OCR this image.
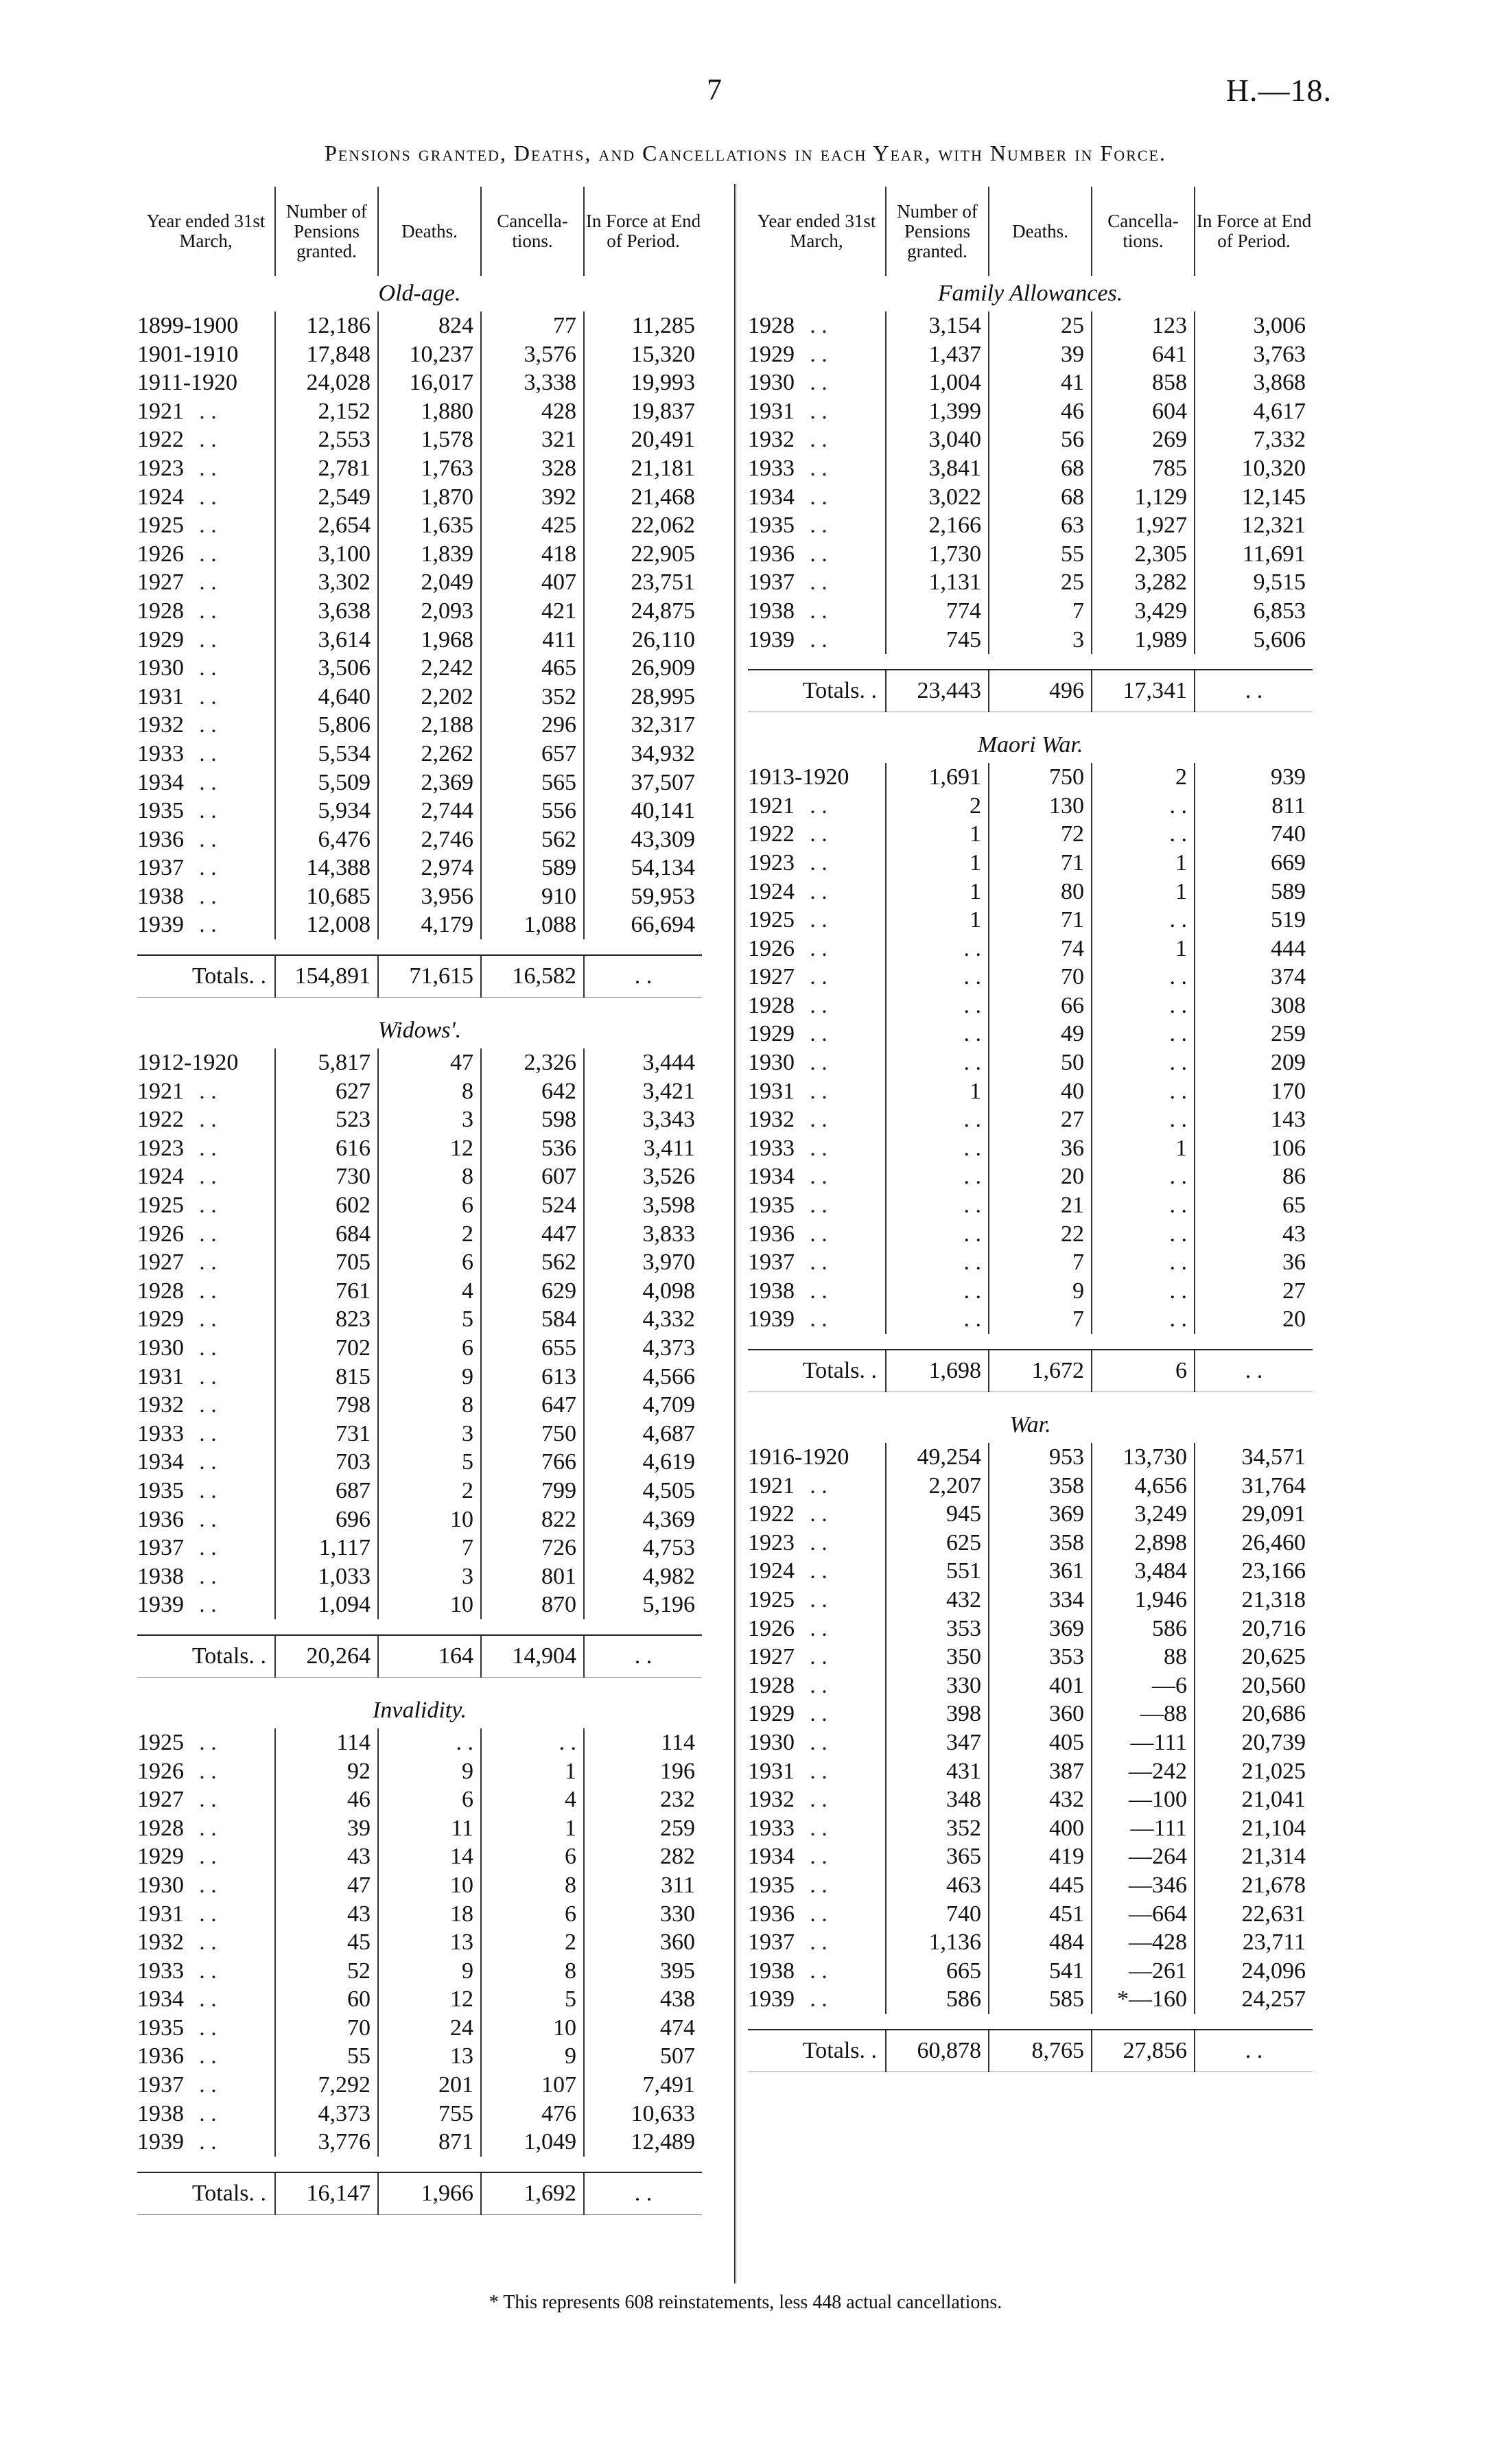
7	H.—18.
Pensions granted, Deaths, and Cancellations in each Year, with Number in Force.
Year ended 31st March,	Number of Pensions granted.	Deaths.	Cancella- tions.	In Force at End of Period.
Old-age.				
1899-1900	12,186	824	77	11,285
1901-1910	17,848	10,237	3,576	15,320
1911-1920	24,028	16,017	3,338	19,993
1921 . .	2,152	1,880	428	19,837
1922 . .	2,553	1,578	321	20,491
1923 . .	2,781	1,763	328	21,181
1924 . .	2,549	1,870	392	21,468
1925 . .	2,654	1,635	425	22,062
1926 . .	3,100	1,839	418	22,905
1927 . .	3,302	2,049	407	23,751
1928 . .	3,638	2,093	421	24,875
1929 . .	3,614	1,968	411	26,110
1930 . .	3,506	2,242	465	26,909
1931 . .	4,640	2,202	352	28,995
1932 . .	5,806	2,188	296	32,317
1933 . .	5,534	2,262	657	34,932
1934 . .	5,509	2,369	565	37,507
1935 . .	5,934	2,744	556	40,141
1936 . .	6,476	2,746	562	43,309
1937 . .	14,388	2,974	589	54,134
1938 . .	10,685	3,956	910	59,953
1939 . .	12,008	4,179	1,088	66,694

Totals. .	154,891	71,615	16,582	. .

Widows'.				
1912-1920	5,817	47	2,326	3,444
1921 . .	627	8	642	3,421
1922 . .	523	3	598	3,343
1923 . .	616	12	536	3,411
1924 . .	730	8	607	3,526
1925 . .	602	6	524	3,598
1926 . .	684	2	447	3,833
1927 . .	705	6	562	3,970
1928 . .	761	4	629	4,098
1929 . .	823	5	584	4,332
1930 . .	702	6	655	4,373
1931 . .	815	9	613	4,566
1932 . .	798	8	647	4,709
1933 . .	731	3	750	4,687
1934 . .	703	5	766	4,619
1935 . .	687	2	799	4,505
1936 . .	696	10	822	4,369
1937 . .	1,117	7	726	4,753
1938 . .	1,033	3	801	4,982
1939 . .	1,094	10	870	5,196

Totals. .	20,264	164	14,904	. .

Invalidity.				
1925 . .	114	. .	. .	114
1926 . .	92	9	1	196
1927 . .	46	6	4	232
1928 . .	39	11	1	259
1929 . .	43	14	6	282
1930 . .	47	10	8	311
1931 . .	43	18	6	330
1932 . .	45	13	2	360
1933 . .	52	9	8	395
1934 . .	60	12	5	438
1935 . .	70	24	10	474
1936 . .	55	13	9	507
1937 . .	7,292	201	107	7,491
1938 . .	4,373	755	476	10,633
1939 . .	3,776	871	1,049	12,489

Totals. .	16,147	1,966	1,692	. .

Year ended 31st March,	Number of Pensions granted.	Deaths.	Cancella- tions.	In Force at End of Period.
Family Allowances.				
1928 . .	3,154	25	123	3,006
1929 . .	1,437	39	641	3,763
1930 . .	1,004	41	858	3,868
1931 . .	1,399	46	604	4,617
1932 . .	3,040	56	269	7,332
1933 . .	3,841	68	785	10,320
1934 . .	3,022	68	1,129	12,145
1935 . .	2,166	63	1,927	12,321
1936 . .	1,730	55	2,305	11,691
1937 . .	1,131	25	3,282	9,515
1938 . .	774	7	3,429	6,853
1939 . .	745	3	1,989	5,606

Totals. .	23,443	496	17,341	. .

Maori War.				
1913-1920	1,691	750	2	939
1921 . .	2	130	. .	811
1922 . .	1	72	. .	740
1923 . .	1	71	1	669
1924 . .	1	80	1	589
1925 . .	1	71	. .	519
1926 . .	. .	74	1	444
1927 . .	. .	70	. .	374
1928 . .	. .	66	. .	308
1929 . .	. .	49	. .	259
1930 . .	. .	50	. .	209
1931 . .	1	40	. .	170
1932 . .	. .	27	. .	143
1933 . .	. .	36	1	106
1934 . .	. .	20	. .	86
1935 . .	. .	21	. .	65
1936 . .	. .	22	. .	43
1937 . .	. .	7	. .	36
1938 . .	. .	9	. .	27
1939 . .	. .	7	. .	20

Totals. .	1,698	1,672	6	. .

War.				
1916-1920	49,254	953	13,730	34,571
1921 . .	2,207	358	4,656	31,764
1922 . .	945	369	3,249	29,091
1923 . .	625	358	2,898	26,460
1924 . .	551	361	3,484	23,166
1925 . .	432	334	1,946	21,318
1926 . .	353	369	586	20,716
1927 . .	350	353	88	20,625
1928 . .	330	401	—6	20,560
1929 . .	398	360	—88	20,686
1930 . .	347	405	—111	20,739
1931 . .	431	387	—242	21,025
1932 . .	348	432	—100	21,041
1933 . .	352	400	—111	21,104
1934 . .	365	419	—264	21,314
1935 . .	463	445	—346	21,678
1936 . .	740	451	—664	22,631
1937 . .	1,136	484	—428	23,711
1938 . .	665	541	—261	24,096
1939 . .	586	585	*—160	24,257

Totals. .	60,878	8,765	27,856	. .

* This represents 608 reinstatements, less 448 actual cancellations.
